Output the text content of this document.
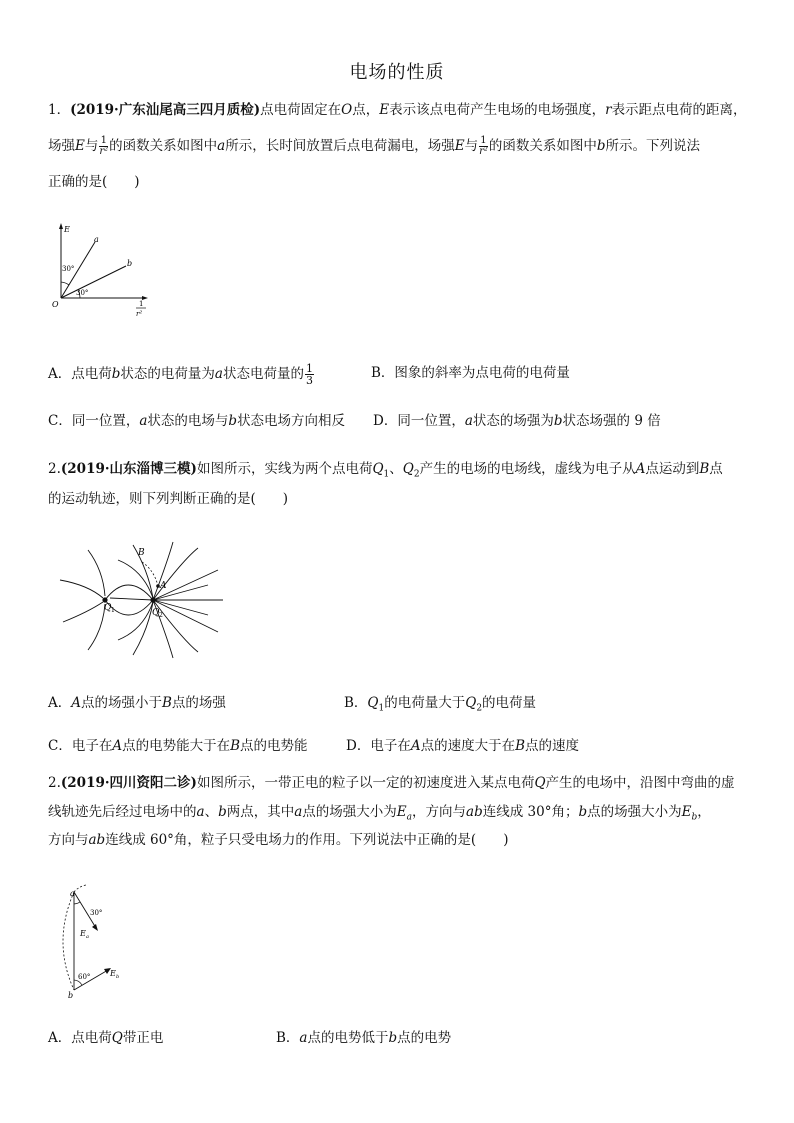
电场的性质
1．(2019·广东汕尾高三四月质检)点电荷固定在O点，E表示该点电荷产生电场的电场强度，r表示距点电荷的距离，
场强E与 $\frac{1}{\text{r²}}$ 的函数关系如图中a所示，长时间放置后点电荷漏电，场强E与 $\frac{1}{\text{r²}}$ 的函数关系如图中b所示。下列说法
正确的是(　　)
E
a
b
O
30°
30°
1
r²
A．点电荷b状态的电荷量为a状态电荷量的 $\frac{1}{3}$	B．图象的斜率为点电荷的电荷量
C．同一位置，a状态的电场与b状态电场方向相反 D．同一位置，a状态的场强为b状态场强的 9 倍
2.(2019·山东淄博三模)如图所示，实线为两个点电荷$Q_1$、$Q_2$产生的电场的电场线，虚线为电子从A点运动到B点
的运动轨迹，则下列判断正确的是(　　)
B
A
Q 1	Q 2
A．A点的场强小于B点的场强	B．$Q_1$的电荷量大于$Q_2$的电荷量
C．电子在A点的电势能大于在B点的电势能	D．电子在A点的速度大于在B点的速度
2.(2019·四川资阳二诊)如图所示，一带正电的粒子以一定的初速度进入某点电荷Q产生的电场中，沿图中弯曲的虚
线轨迹先后经过电场中的a、b两点，其中a点的场强大小为$E_a$，方向与ab连线成 30°角；b点的场强大小为$E_b$，
方向与ab连线成 60°角，粒子只受电场力的作用。下列说法中正确的是(　　)
a
b
30°
60°
E a
E b
A．点电荷Q带正电	B．a点的电势低于b点的电势
